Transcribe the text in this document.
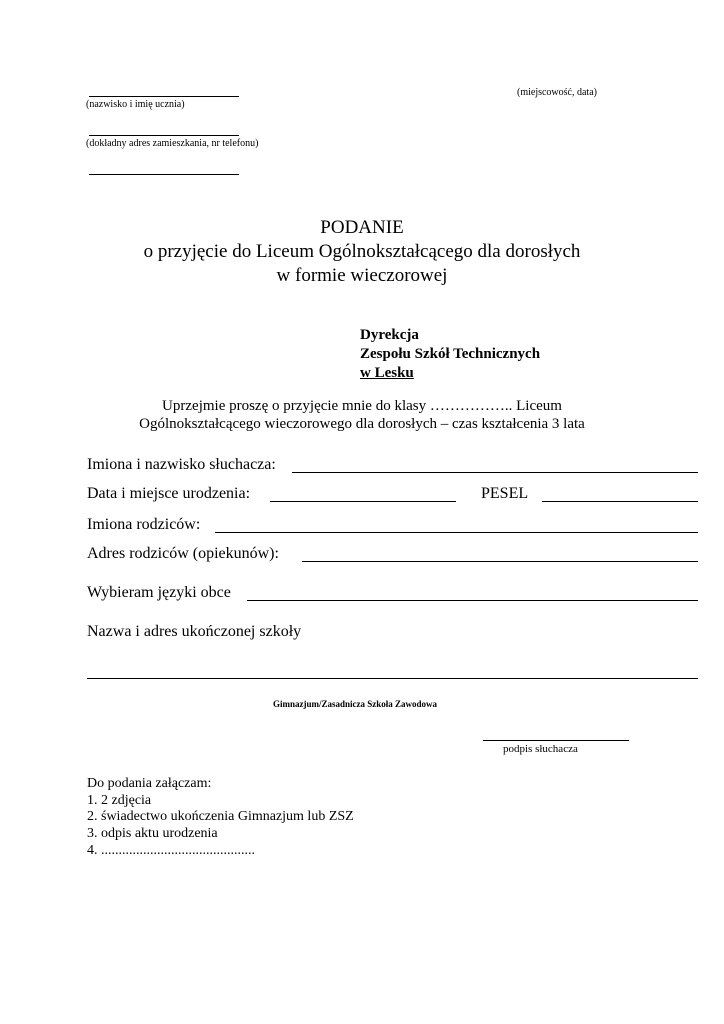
(nazwisko i imię ucznia)
(miejscowość, data)
(dokładny adres zamieszkania, nr telefonu)
PODANIE
o przyjęcie do Liceum Ogólnokształcącego dla dorosłych
w formie wieczorowej
Dyrekcja
Zespołu Szkół Technicznych
w Lesku
Uprzejmie proszę o przyjęcie mnie do klasy …………….. Liceum
Ogólnokształcącego wieczorowego dla dorosłych – czas kształcenia 3 lata
Imiona i nazwisko słuchacza:
Data i miejsce urodzenia:	PESEL
Imiona rodziców:
Adres rodziców (opiekunów):
Wybieram języki obce
Nazwa i adres ukończonej szkoły
Gimnazjum/Zasadnicza Szkoła Zawodowa
podpis słuchacza
Do podania załączam:
1. 2 zdjęcia
2. świadectwo ukończenia Gimnazjum lub ZSZ
3. odpis aktu urodzenia
4. ............................................
